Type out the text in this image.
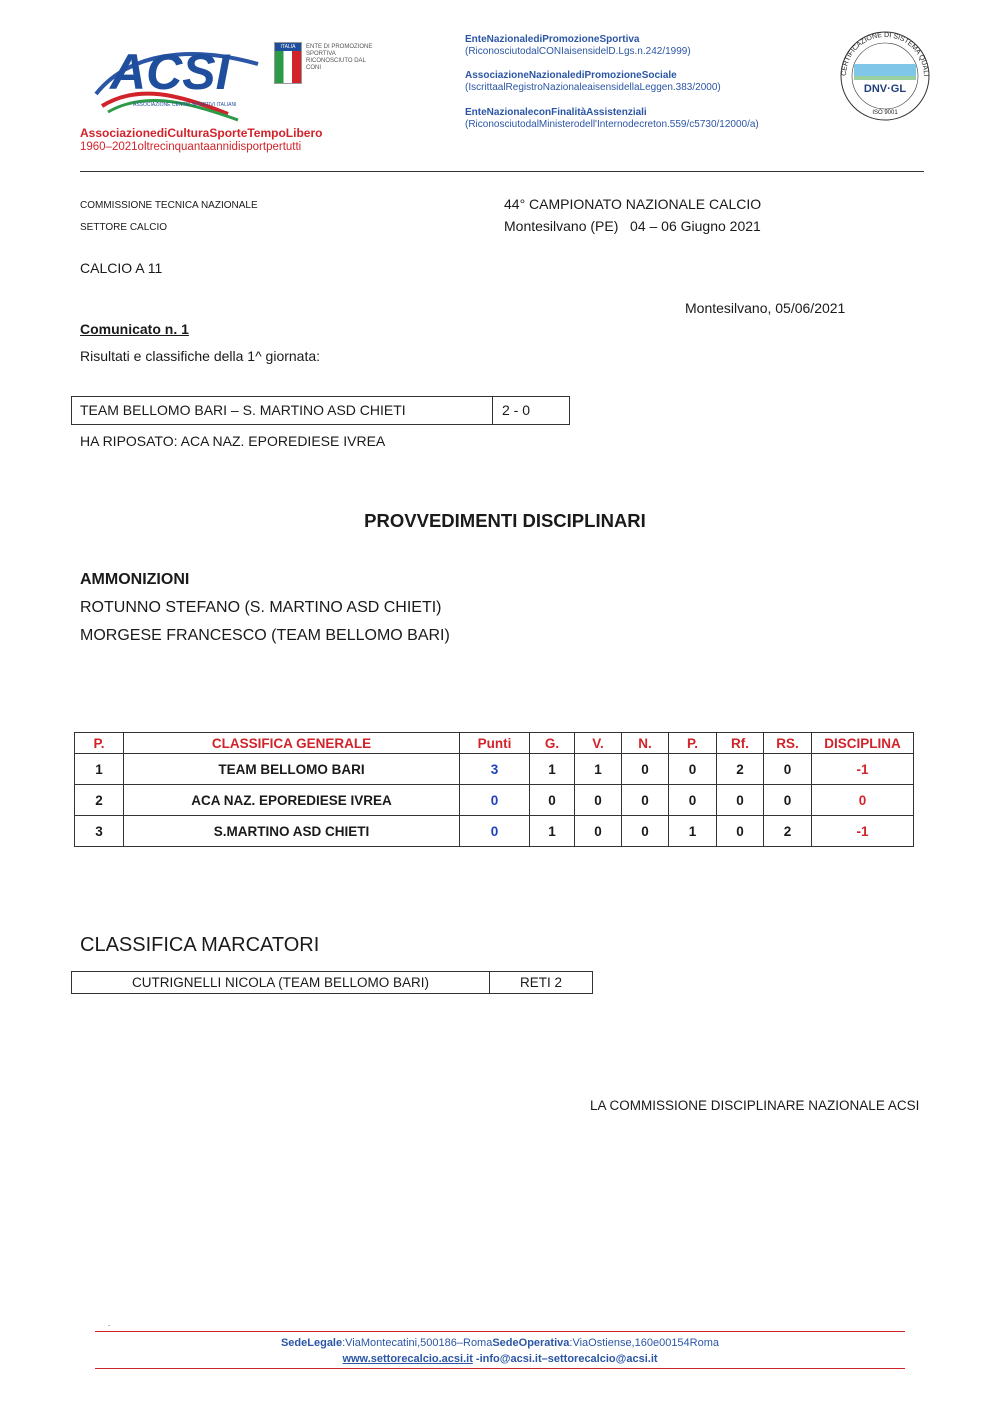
ACSI
ASSOCIAZIONE CENTRI SPORTIVI ITALIANI
ITALIA	ENTE DI PROMOZIONE SPORTIVA RICONOSCIUTO DAL CONI
AssociazionediCulturaSporteTempoLibero
1960–2021oltrecinquantaannidisportpertutti
EnteNazionalediPromozioneSportiva
(RiconosciutodalCONIaisensidelD.Lgs.n.242/1999)
AssociazioneNazionalediPromozioneSociale
(IscrittaalRegistroNazionaleaisensidellaLeggen.383/2000)
EnteNazionaleconFinalitàAssistenziali
(RiconosciutodalMinisterodell'Internodecreton.559/c5730/12000/a)
CERTIFICAZIONE DI SISTEMA QUALI
DNV·GL
ISO 9001
COMMISSIONE TECNICA NAZIONALE
SETTORE CALCIO
44° CAMPIONATO NAZIONALE CALCIO
Montesilvano (PE)   04 – 06 Giugno 2021
CALCIO A 11
Montesilvano, 05/06/2021
Comunicato n. 1
Risultati e classifiche della 1^ giornata:
TEAM BELLOMO BARI – S. MARTINO ASD CHIETI	2 - 0
HA RIPOSATO: ACA NAZ. EPOREDIESE IVREA
PROVVEDIMENTI DISCIPLINARI
AMMONIZIONI
ROTUNNO STEFANO (S. MARTINO ASD CHIETI)
MORGESE FRANCESCO (TEAM BELLOMO BARI)
P.	CLASSIFICA GENERALE	Punti	G.	V.	N.	P.	Rf.	RS.	DISCIPLINA
1	TEAM BELLOMO BARI	3	1	1	0	0	2	0	-1
2	ACA NAZ. EPOREDIESE IVREA	0	0	0	0	0	0	0	0
3	S.MARTINO ASD CHIETI	0	1	0	0	1	0	2	-1
CLASSIFICA MARCATORI
CUTRIGNELLI NICOLA (TEAM BELLOMO BARI)	RETI 2
LA COMMISSIONE DISCIPLINARE NAZIONALE ACSI
.
SedeLegale:ViaMontecatini,500186–RomaSedeOperativa:ViaOstiense,160e00154Roma
www.settorecalcio.acsi.it -info@acsi.it–settorecalcio@acsi.it
